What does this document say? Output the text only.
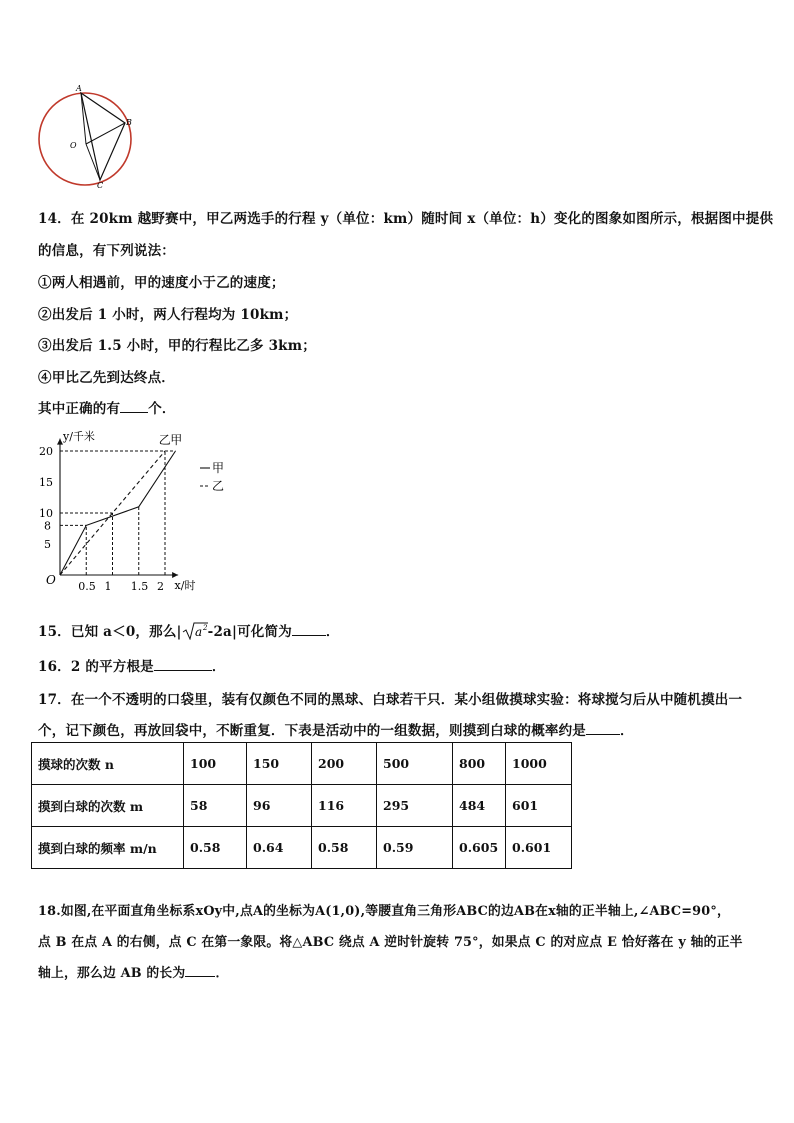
A
B
O
C
14．在 20km 越野赛中，甲乙两选手的行程 y（单位：km）随时间 x（单位：h）变化的图象如图所示，根据图中提供
的信息，有下列说法：
①两人相遇前，甲的速度小于乙的速度；
②出发后 1 小时，两人行程均为 10km；
③出发后 1.5 小时，甲的行程比乙多 3km；
④甲比乙先到达终点．
其中正确的有 个．
0.5 1 1.5 2
5
8
10
15
20
O
y/千米
x/时
乙 甲
甲
乙
15．已知 a＜0，那么| a 2 -2a|可化简为	．
16．2 的平方根是	．
17．在一个不透明的口袋里，装有仅颜色不同的黑球、白球若干只．某小组做摸球实验：将球搅匀后从中随机摸出一
个，记下颜色，再放回袋中，不断重复．下表是活动中的一组数据，则摸到白球的概率约是	．
摸球的次数 n	100	150	200	500	800	1000
摸到白球的次数 m	58	96	116	295	484	601
摸到白球的频率 m/n	0.58	0.64	0.58	0.59	0.605	0.601
18.如图,在平面直角坐标系xOy中,点A的坐标为A(1,0),等腰直角三角形ABC的边AB在x轴的正半轴上,∠ABC=90°，
点 B 在点 A 的右侧，点 C 在第一象限。将△ABC 绕点 A 逆时针旋转 75°，如果点 C 的对应点 E 恰好落在 y 轴的正半
轴上，那么边 AB 的长为 ．
